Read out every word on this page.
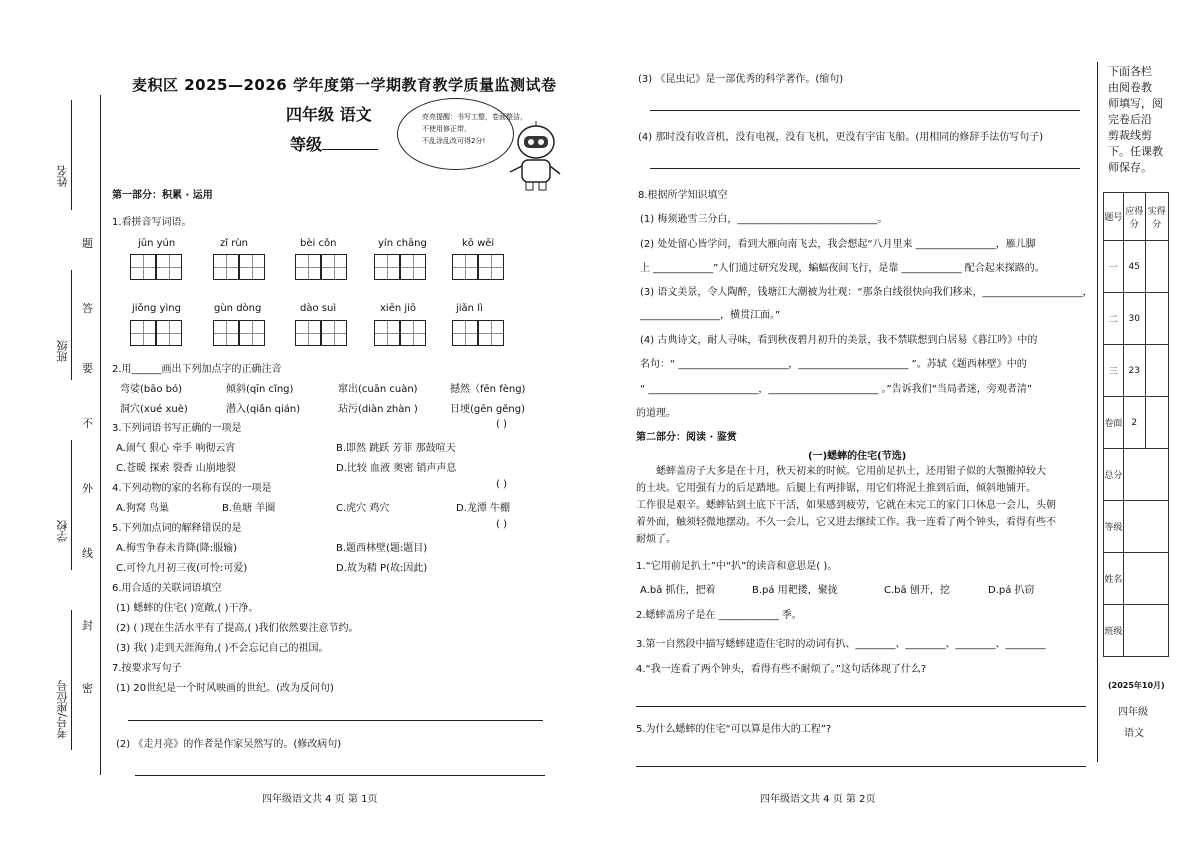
姓名
班级
学校
考号/座位号
题
答
要
不
外
线
封
密
麦积区 2025—2026 学年度第一学期教育教学质量监测试卷
四年级 语文
等级
亮亮提醒：书写工整，卷面整洁，
不使用修正带，
不乱涂乱改可得2分!
第一部分：积累 · 运用
1.看拼音写词语。
jūn yún	zǐ rùn	bèi cǒn	yín chāng	kō wēi
jiǒng yìng	gùn dòng	dào suì	xiēn jiō	jiǎn lì
2.用______画出下列加点字的正确注音
弯娑(bāo bó)	倾斜(qīn cǐng)	窜出(cuān cuàn)	撼然（fēn fèng)
洞穴(xué xuè)	潜入(qiǎn qián)	玷污(diàn zhàn )	日埂(gēn gěng)
3.下列词语书写正确的一项是	( )
A.闹气 狠心 牵手 响彻云宵	B.即然 跳跃 芳菲 那鼓喧天
C.苍暖 探索 裂香 山崩地裂	D.比较 血液 奥密 销声声息
4.下列动物的家的名称有误的一项是	( )
A.狗窝 鸟巢	B.鱼塘 羊圈	C.虎穴 鸡穴	D.龙潭 牛棚
5.下列加点词的解释错误的是	( )
A.梅雪争春未肯降(降:服输)	B.题西林壁(题:题目)
C.可怜九月初三夜(可怜:可爱)	D.故为精 P(故:因此)
6.用合适的关联词语填空
(1) 蟋蟀的住宅( )宽敞,( )干净。
(2) ( )现在生活水平有了提高,( )我们依然要注意节约。
(3) 我( )走到天涯海角,( )不会忘记自己的祖国。
7.按要求写句子
(1) 20世纪是一个时风映画的世纪。(改为反问句)
(2) 《走月亮》的作者是作家吴然写的。(修改病句)
四年级语文共 4 页 第 1页
(3) 《昆虫记》是一部优秀的科学著作。(缩句)
(4) 那时没有收音机，没有电视，没有飞机，更没有宇宙飞船。(用相同的修辞手法仿写句子)
8.根据所学知识填空
(1) 梅须逊雪三分白，____________________________。
(2) 处处留心皆学问，看到大雁向南飞去，我会想起“八月里来 ________________，雁儿脚
上 ____________”人们通过研究发现，蝙蝠夜间飞行，是靠 ____________ 配合起来探路的。
(3) 语文美景，令人陶醉，钱塘江大潮被为壮观：“那条白线很快向我们移来，____________________，
________________，横贯江面。”
(4) 古典诗文，耐人寻味，看到秋夜碧月初升的美景，我不禁联想到白居易《暮江吟》中的
名句：“ ______________________，______________________ ”。苏轼《题西林壁》中的
“ ______________________，______________________ 。”告诉我们“当局者迷，旁观者清”
的道理。
第二部分：阅读 · 鉴赏
(一)蟋蟀的住宅(节选)
蟋蟀盖房子大多是在十月，秋天初来的时候。它用前足扒土，还用钳子似的大颚搬掉较大
的土块。它用强有力的后足踏地。后腿上有两排锯，用它们将泥土推到后面，倾斜地铺开。
工作很是艰辛。蟋蟀钻到土底下干活，如果感到疲劳，它就在未完工的家门口休息一会儿，头朝
着外面，触须轻微地摆动。不久一会儿，它又进去继续工作。我一连看了两个钟头，看得有些不
耐烦了。
1.“它用前足扒土”中“扒”的读音和意思是( )。
A.bā 抓住，把着	B.pá 用耙搂，聚拢	C.bā 刨开，挖	D.pá 扒窃
2.蟋蟀盖房子是在 ____________ 季。
3.第一自然段中描写蟋蟀建造住宅时的动词有扒、________、________、________、________
4.“我一连看了两个钟头，看得有些不耐烦了。”这句话体现了什么?
5.为什么蟋蟀的住宅“可以算是伟大的工程”?
四年级语文共 4 页 第 2页
下面各栏
由阅卷教
师填写，阅
完卷后沿
剪裁线剪
下。任课教
师保存。
题号	应得分	实得分
一	45	
二	30	
三	23	
卷面	2	
总分		
等级		
姓名		
班级		
(2025年10月)
四年级
语文
